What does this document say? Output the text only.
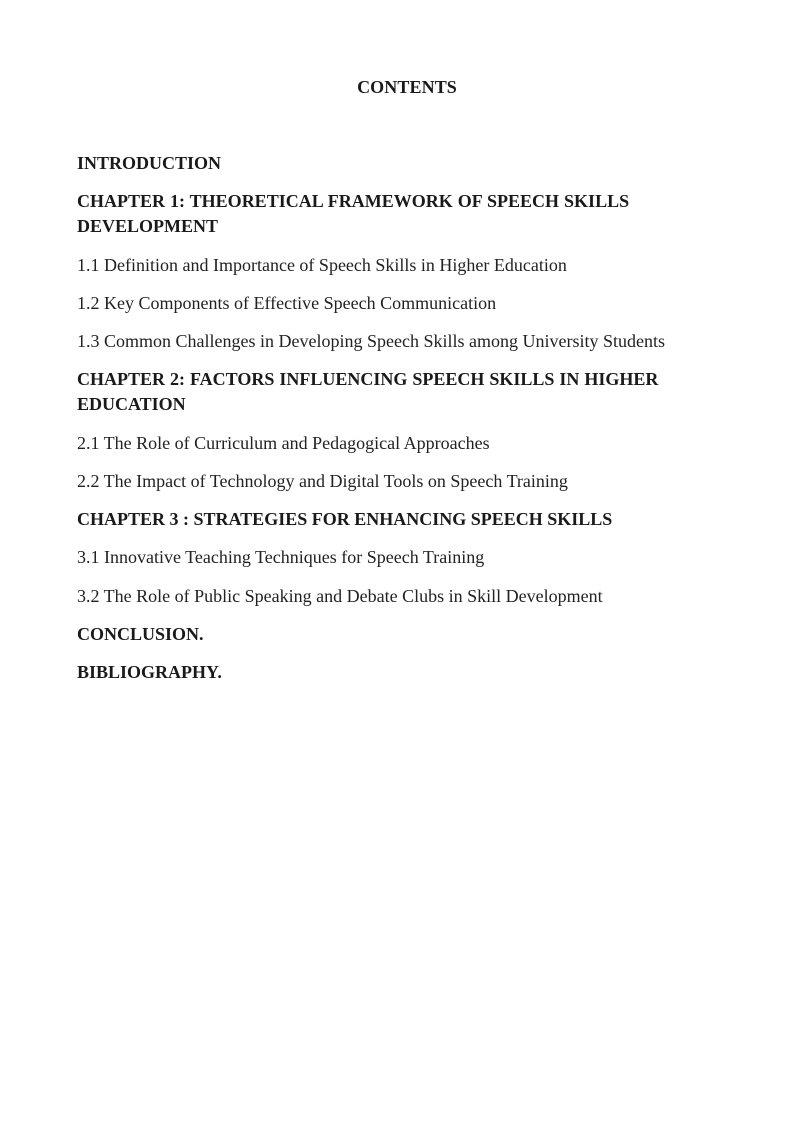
CONTENTS
INTRODUCTION
CHAPTER 1: THEORETICAL FRAMEWORK OF SPEECH SKILLS DEVELOPMENT
1.1 Definition and Importance of Speech Skills in Higher Education
1.2 Key Components of Effective Speech Communication
1.3 Common Challenges in Developing Speech Skills among University Students
CHAPTER 2: FACTORS INFLUENCING SPEECH SKILLS IN HIGHER EDUCATION
2.1 The Role of Curriculum and Pedagogical Approaches
2.2 The Impact of Technology and Digital Tools on Speech Training
CHAPTER 3 : STRATEGIES FOR ENHANCING SPEECH SKILLS
3.1 Innovative Teaching Techniques for Speech Training
3.2 The Role of Public Speaking and Debate Clubs in Skill Development
CONCLUSION.
BIBLIOGRAPHY.
